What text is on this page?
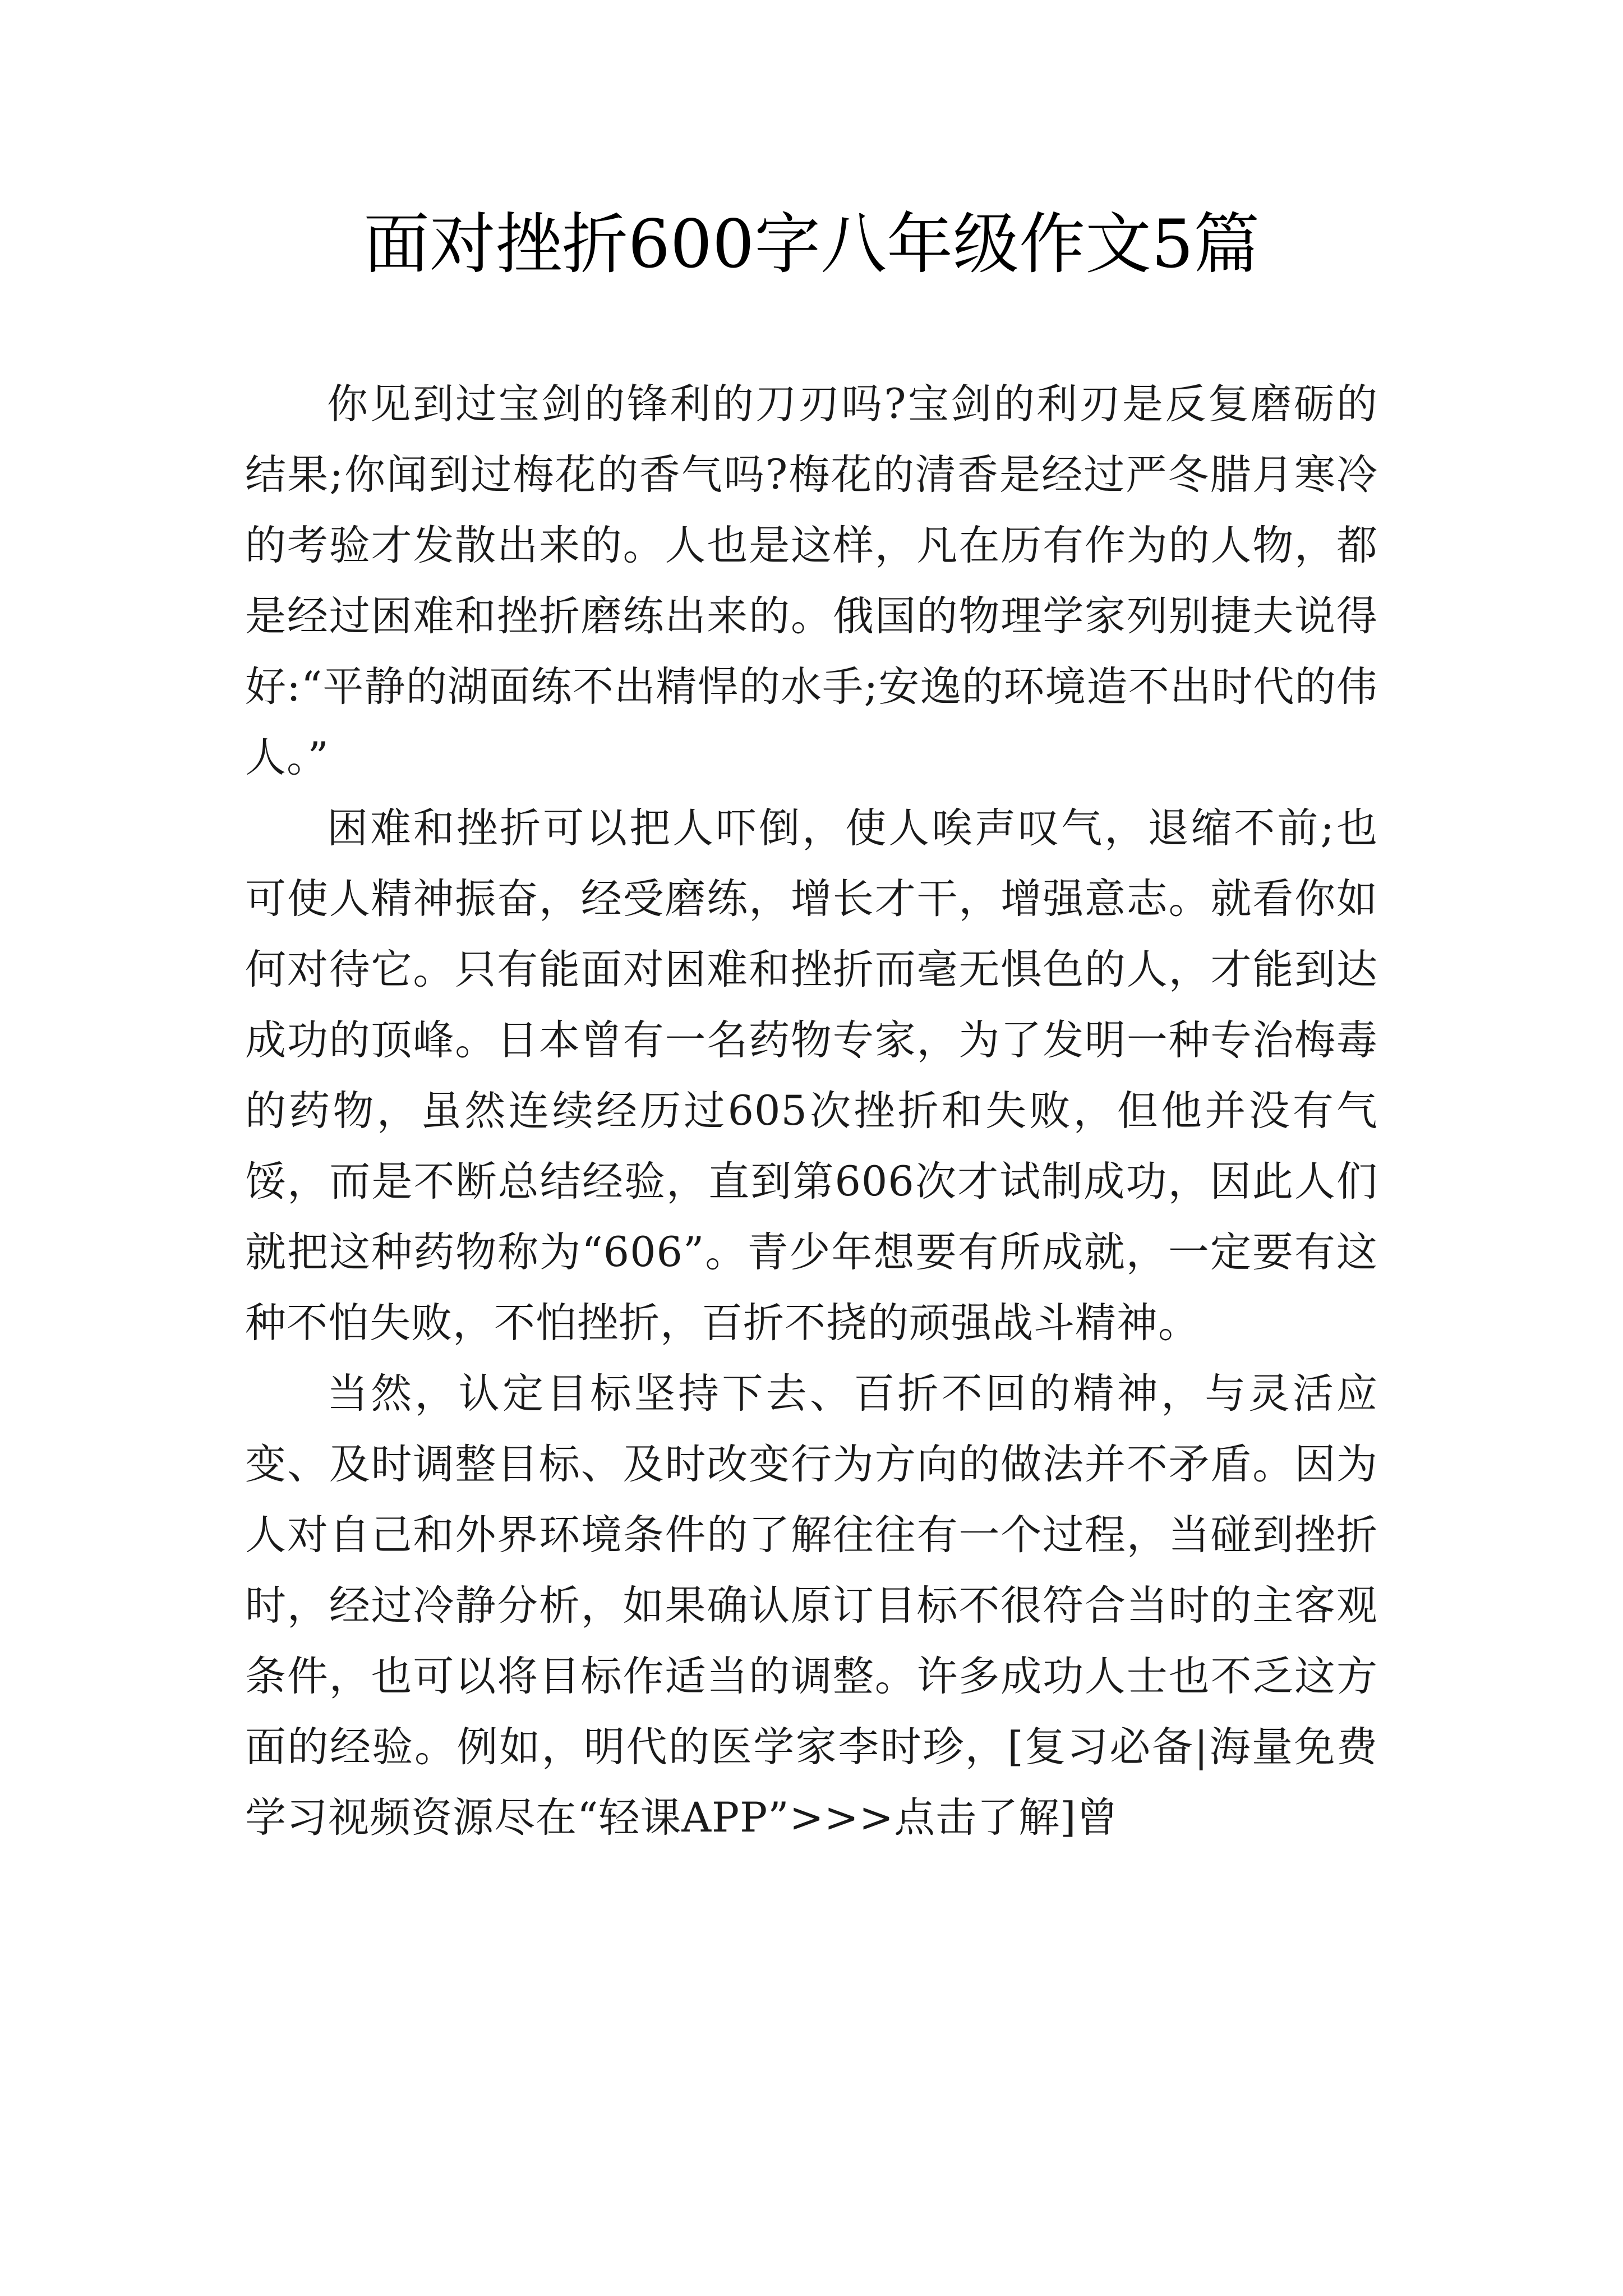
面对挫折600字八年级作文5篇

你见到过宝剑的锋利的刀刃吗?宝剑的利刃是反复磨砺的结果;你闻到过梅花的香气吗?梅花的清香是经过严冬腊月寒冷的考验才发散出来的。人也是这样，凡在历有作为的人物，都是经过困难和挫折磨练出来的。俄国的物理学家列别捷夫说得好:“平静的湖面练不出精悍的水手;安逸的环境造不出时代的伟人。”

困难和挫折可以把人吓倒，使人唉声叹气，退缩不前;也可使人精神振奋，经受磨练，增长才干，增强意志。就看你如何对待它。只有能面对困难和挫折而毫无惧色的人，才能到达成功的顶峰。日本曾有一名药物专家，为了发明一种专治梅毒的药物，虽然连续经历过605次挫折和失败，但他并没有气馁，而是不断总结经验，直到第606次才试制成功，因此人们就把这种药物称为“606”。青少年想要有所成就，一定要有这种不怕失败，不怕挫折，百折不挠的顽强战斗精神。

当然，认定目标坚持下去、百折不回的精神，与灵活应变、及时调整目标、及时改变行为方向的做法并不矛盾。因为人对自己和外界环境条件的了解往往有一个过程，当碰到挫折时，经过冷静分析，如果确认原订目标不很符合当时的主客观条件，也可以将目标作适当的调整。许多成功人士也不乏这方面的经验。例如，明代的医学家李时珍，[复习必备|海量免费学习视频资源尽在“轻课APP”>>>点击了解]曾
